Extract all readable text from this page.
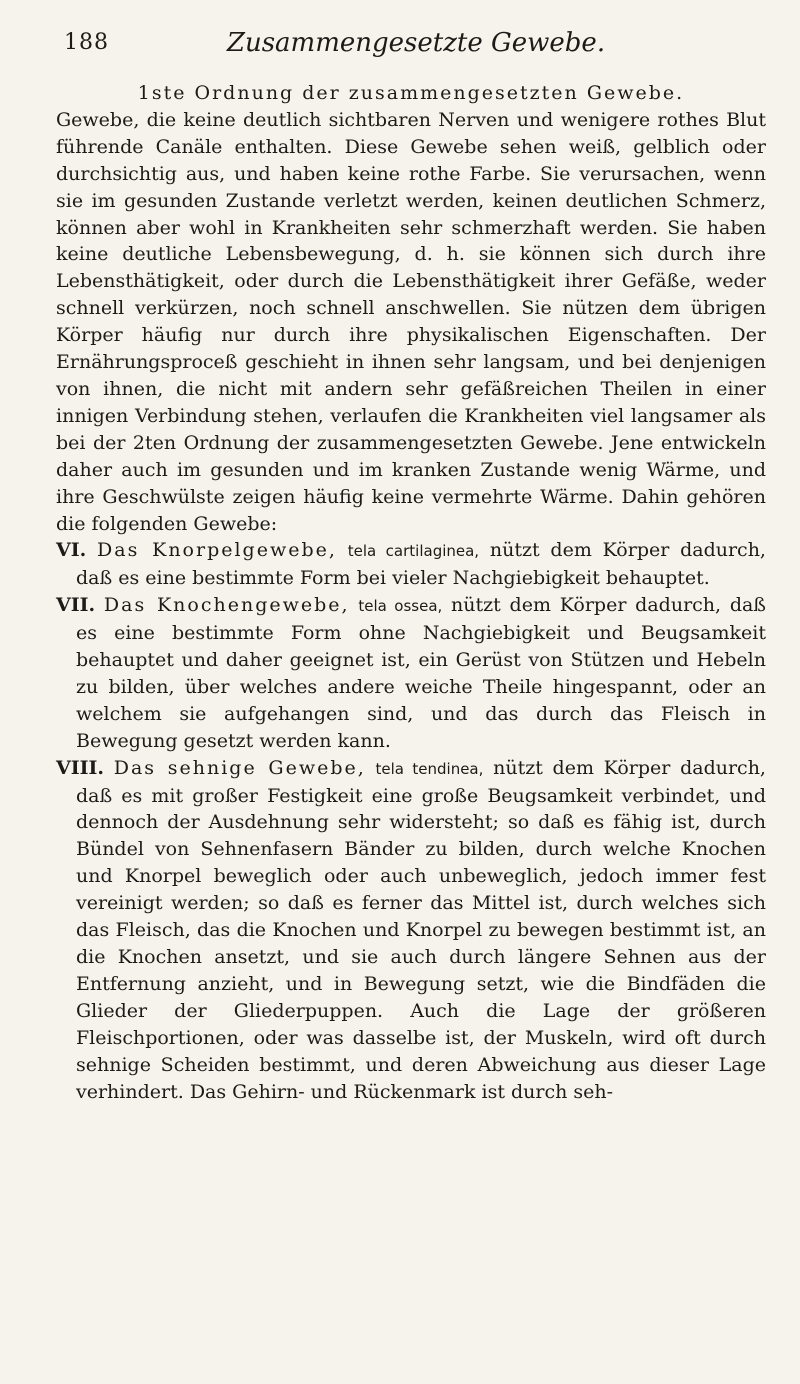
188	Zusammengesetzte Gewebe.

1ste Ordnung der zusammengesetzten Gewebe.

Gewebe, die keine deutlich sichtbaren Nerven und wenigere rothes Blut führende Canäle enthalten. Diese Gewebe sehen weiß, gelblich oder durchsichtig aus, und haben keine rothe Farbe. Sie verursachen, wenn sie im gesunden Zustande verletzt werden, keinen deutlichen Schmerz, können aber wohl in Krankheiten sehr schmerzhaft werden. Sie haben keine deutliche Lebensbewegung, d. h. sie können sich durch ihre Lebensthätigkeit, oder durch die Lebensthätigkeit ihrer Gefäße, weder schnell verkürzen, noch schnell anschwellen. Sie nützen dem übrigen Körper häufig nur durch ihre physikalischen Eigenschaften. Der Ernährungsproceß geschieht in ihnen sehr langsam, und bei denjenigen von ihnen, die nicht mit andern sehr gefäßreichen Theilen in einer innigen Verbindung stehen, verlaufen die Krankheiten viel langsamer als bei der 2ten Ordnung der zusammengesetzten Gewebe. Jene entwickeln daher auch im gesunden und im kranken Zustande wenig Wärme, und ihre Geschwülste zeigen häufig keine vermehrte Wärme. Dahin gehören die folgenden Gewebe:

VI. Das Knorpelgewebe, tela cartilaginea, nützt dem Körper dadurch, daß es eine bestimmte Form bei vieler Nachgiebigkeit behauptet.

VII. Das Knochengewebe, tela ossea, nützt dem Körper dadurch, daß es eine bestimmte Form ohne Nachgiebigkeit und Beugsamkeit behauptet und daher geeignet ist, ein Gerüst von Stützen und Hebeln zu bilden, über welches andere weiche Theile hingespannt, oder an welchem sie aufgehangen sind, und das durch das Fleisch in Bewegung gesetzt werden kann.

VIII. Das sehnige Gewebe, tela tendinea, nützt dem Körper dadurch, daß es mit großer Festigkeit eine große Beugsamkeit verbindet, und dennoch der Ausdehnung sehr widersteht; so daß es fähig ist, durch Bündel von Sehnenfasern Bänder zu bilden, durch welche Knochen und Knorpel beweglich oder auch unbeweglich, jedoch immer fest vereinigt werden; so daß es ferner das Mittel ist, durch welches sich das Fleisch, das die Knochen und Knorpel zu bewegen bestimmt ist, an die Knochen ansetzt, und sie auch durch längere Sehnen aus der Entfernung anzieht, und in Bewegung setzt, wie die Bindfäden die Glieder der Gliederpuppen. Auch die Lage der größeren Fleischportionen, oder was dasselbe ist, der Muskeln, wird oft durch sehnige Scheiden bestimmt, und deren Abweichung aus dieser Lage verhindert. Das Gehirn- und Rückenmark ist durch seh-
